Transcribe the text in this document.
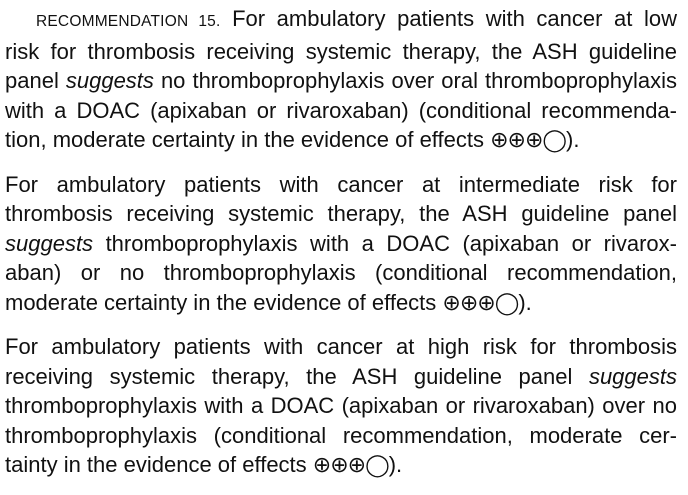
RECOMMENDATION 15. For ambulatory patients with cancer at low
risk for thrombosis receiving systemic therapy, the ASH guideline
panel suggests no thromboprophylaxis over oral thromboprophylaxis
with a DOAC (apixaban or rivaroxaban) (conditional recommenda-
tion, moderate certainty in the evidence of effects ⊕⊕⊕◯).
For ambulatory patients with cancer at intermediate risk for
thrombosis receiving systemic therapy, the ASH guideline panel
suggests thromboprophylaxis with a DOAC (apixaban or rivarox-
aban) or no thromboprophylaxis (conditional recommendation,
moderate certainty in the evidence of effects ⊕⊕⊕◯).
For ambulatory patients with cancer at high risk for thrombosis
receiving systemic therapy, the ASH guideline panel suggests
thromboprophylaxis with a DOAC (apixaban or rivaroxaban) over no
thromboprophylaxis (conditional recommendation, moderate cer-
tainty in the evidence of effects ⊕⊕⊕◯).
